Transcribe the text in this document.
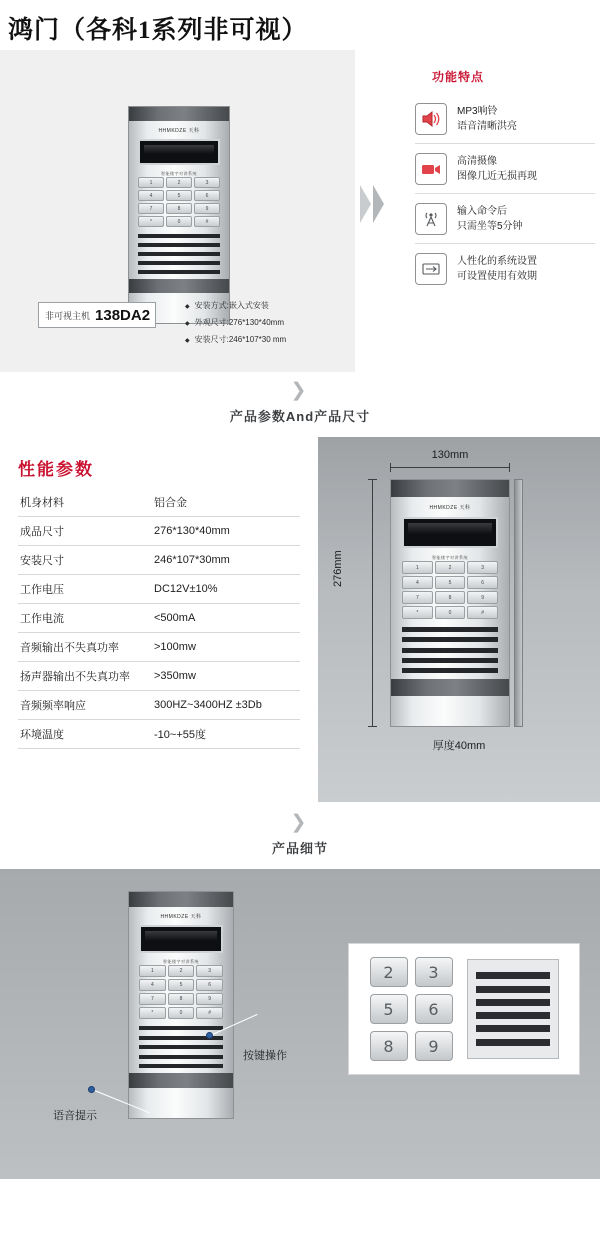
鸿门（各科1系列非可视）
HHMKDZE 天科
智能楼宇对讲系统
1	2	3
4	5	6
7	8	9
*	0	#
非可视主机 138DA2
◆ 安装方式:嵌入式安装
◆ 外观尺寸:276*130*40mm
◆ 安装尺寸:246*107*30 mm
功能特点
MP3响铃
语音清晰洪亮
高清摄像
图像几近无损再现
输入命令后
只需坐等5分钟
人性化的系统设置
可设置使用有效期
❯
产品参数And产品尺寸
性能参数
机身材料	铝合金
成品尺寸	276*130*40mm
安装尺寸	246*107*30mm
工作电压	DC12V±10%
工作电流	<500mA
音频输出不失真功率	>100mw
扬声器输出不失真功率	>350mw
音频频率响应	300HZ~3400HZ ±3Db
环境温度	-10~+55度
130mm
276mm
HHMKDZE 天科
智能楼宇对讲系统
1	2	3
4	5	6
7	8	9
*	0	#
厚度40mm
❯
产品细节
HHMKDZE 天科
智能楼宇对讲系统
1	2	3
4	5	6
7	8	9
*	0	#
按键操作
语音提示
2	3
5	6
8	9
